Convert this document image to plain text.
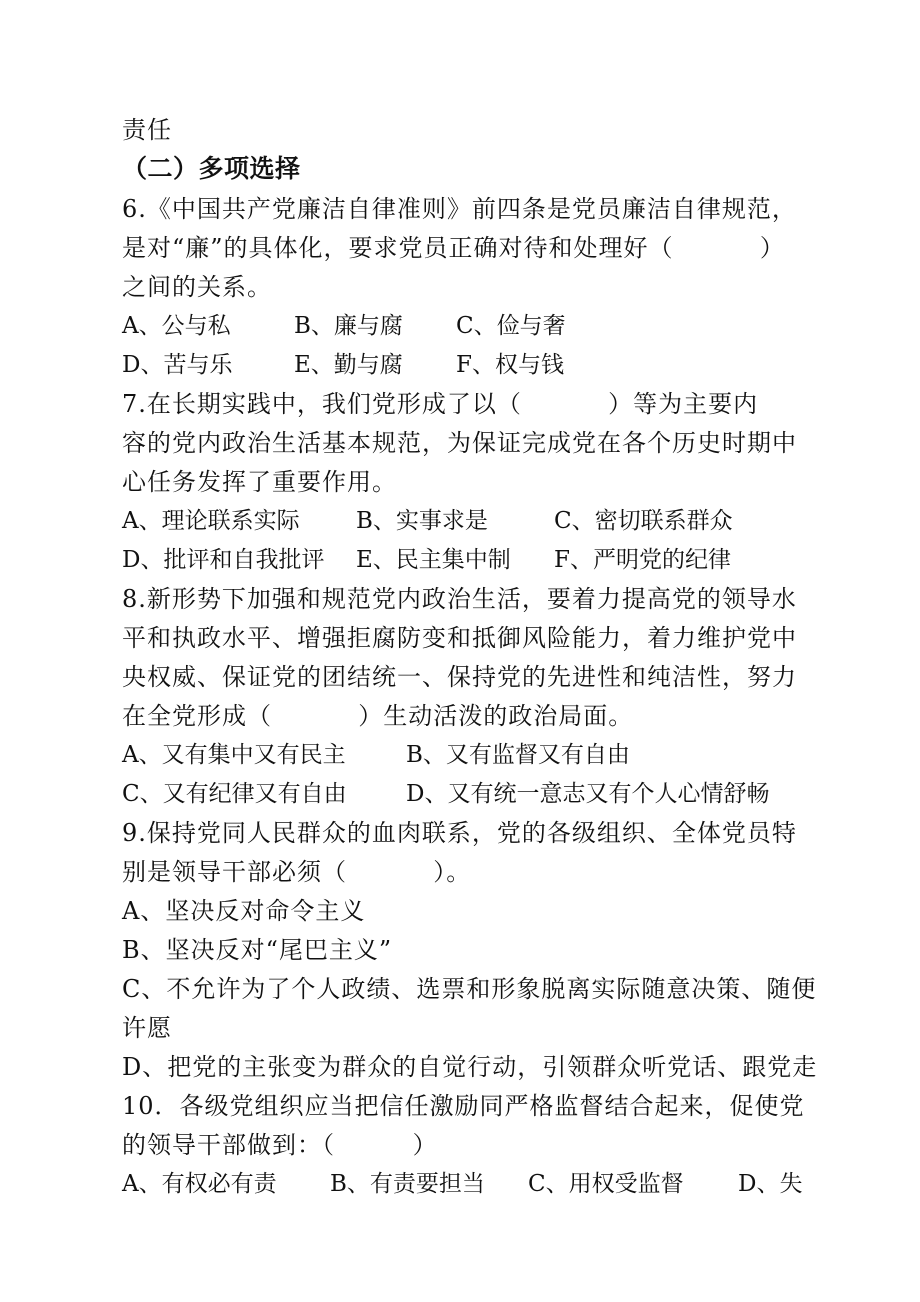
责任
（二）多项选择
6.《中国共产党廉洁自律准则》前四条是党员廉洁自律规范，
是对“廉”的具体化，要求党员正确对待和处理好（          ）
之间的关系。
A、公与私	B、廉与腐 C、俭与奢
D、苦与乐	E、勤与腐 F、权与钱
7.在长期实践中，我们党形成了以（          ）等为主要内
容的党内政治生活基本规范，为保证完成党在各个历史时期中
心任务发挥了重要作用。
A、理论联系实际 B、实事求是	C、密切联系群众
D、批评和自我批评 E、民主集中制 F、严明党的纪律
8.新形势下加强和规范党内政治生活，要着力提高党的领导水
平和执政水平、增强拒腐防变和抵御风险能力，着力维护党中
央权威、保证党的团结统一、保持党的先进性和纯洁性，努力
在全党形成（          ）生动活泼的政治局面。
A、又有集中又有民主	B、又有监督又有自由
C、又有纪律又有自由	D、又有统一意志又有个人心情舒畅
9.保持党同人民群众的血肉联系，党的各级组织、全体党员特
别是领导干部必须（          ）。
A、坚决反对命令主义
B、坚决反对“尾巴主义”
C、不允许为了个人政绩、选票和形象脱离实际随意决策、随便
许愿
D、把党的主张变为群众的自觉行动，引领群众听党话、跟党走
10．各级党组织应当把信任激励同严格监督结合起来，促使党
的领导干部做到：（         ）
A、有权必有责 B、有责要担当 C、用权受监督 D、失
